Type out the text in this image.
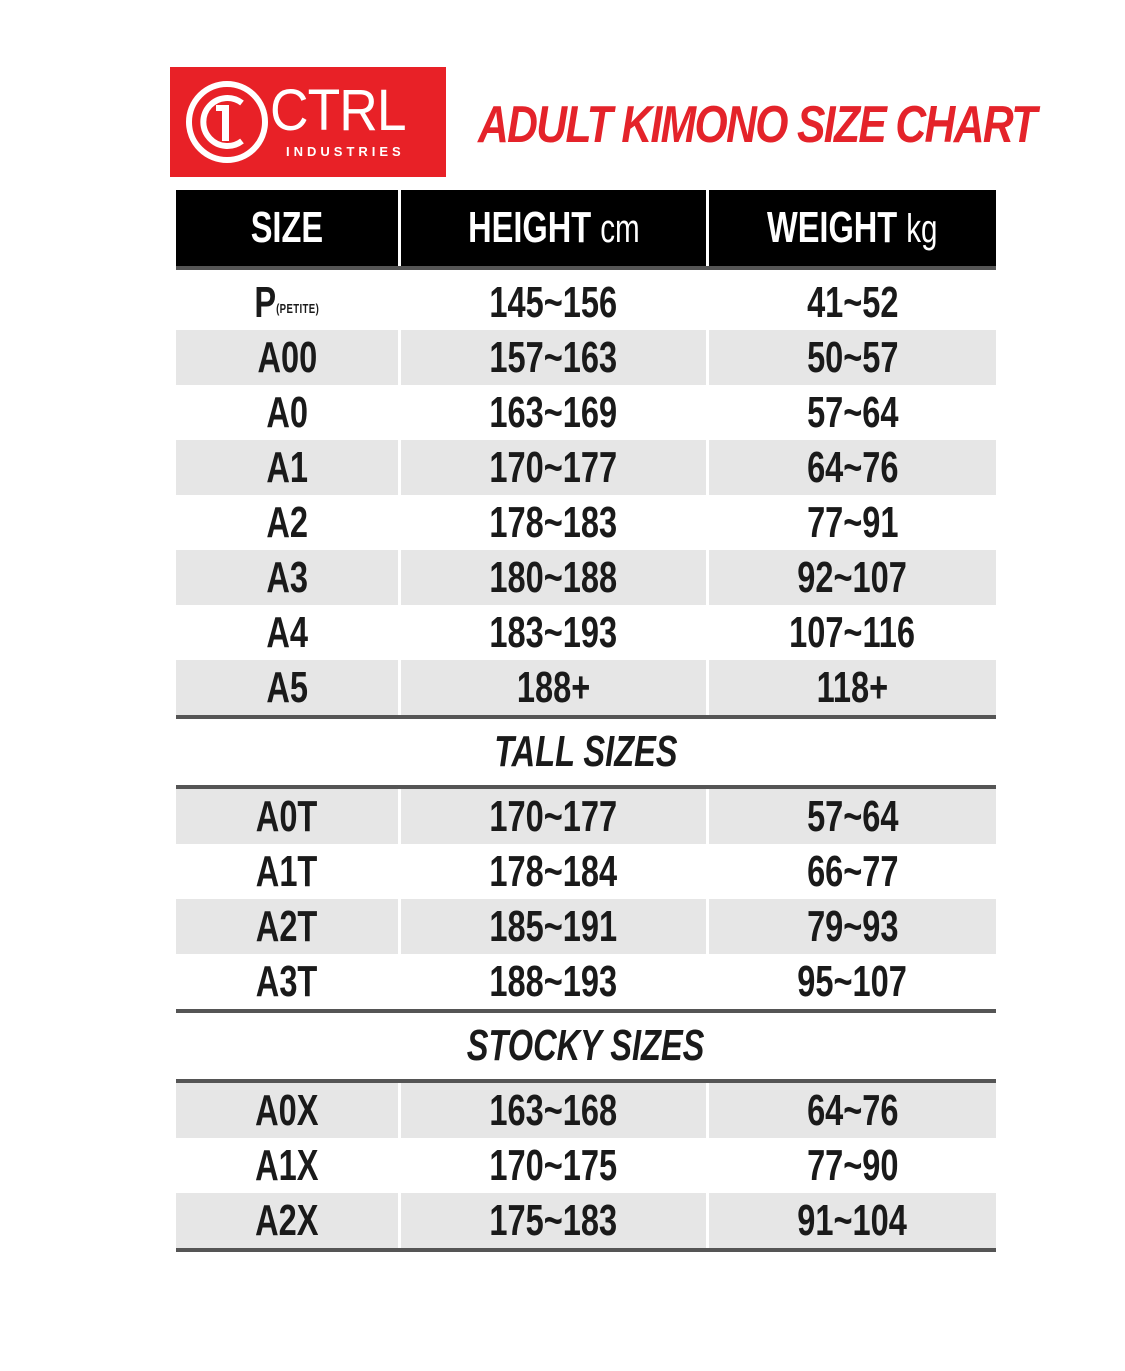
CTRL
INDUSTRIES	ADULT KIMONO SIZE CHART
SIZE	HEIGHT cm	WEIGHT kg
P(PETITE)	145~156	41~52
A00	157~163	50~57
A0	163~169	57~64
A1	170~177	64~76
A2	178~183	77~91
A3	180~188	92~107
A4	183~193	107~116
A5	188+	118+
TALL SIZES
A0T	170~177	57~64
A1T	178~184	66~77
A2T	185~191	79~93
A3T	188~193	95~107
STOCKY SIZES
A0X	163~168	64~76
A1X	170~175	77~90
A2X	175~183	91~104
